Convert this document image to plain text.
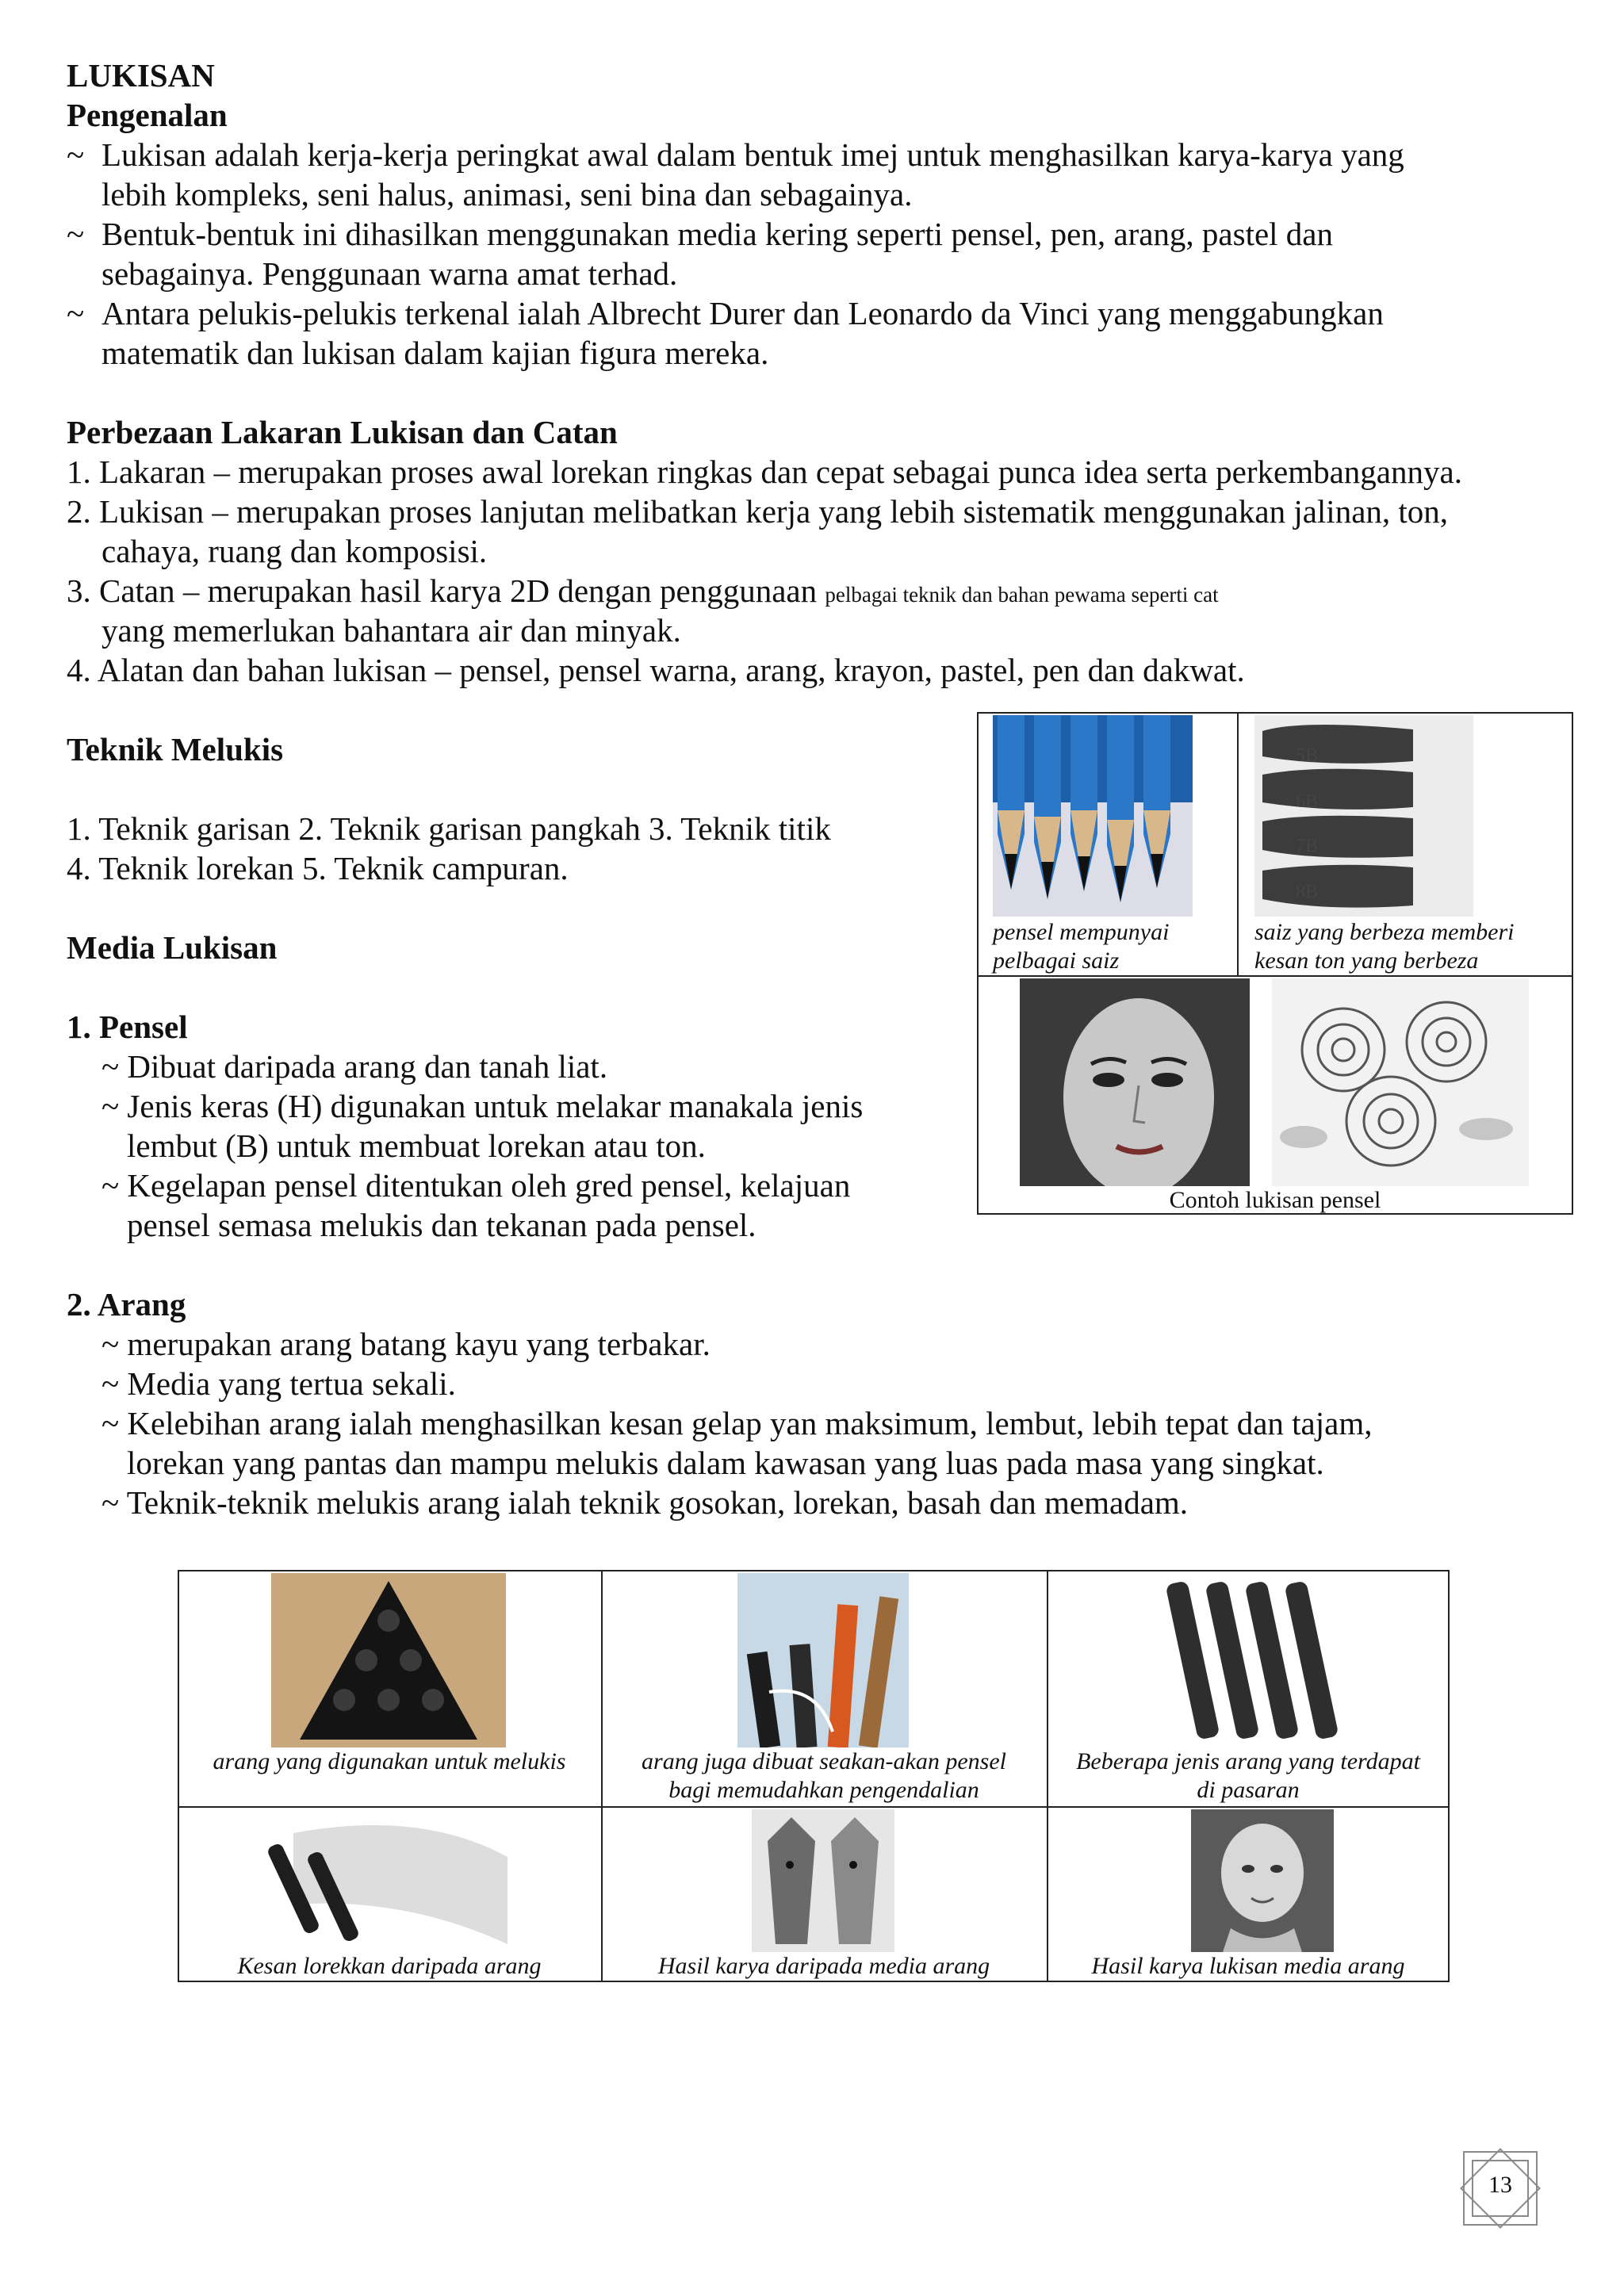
LUKISAN
Pengenalan
~ Lukisan adalah kerja-kerja peringkat awal dalam bentuk imej untuk menghasilkan karya-karya yang
lebih kompleks, seni halus, animasi, seni bina dan sebagainya.
~ Bentuk-bentuk ini dihasilkan menggunakan media kering seperti pensel, pen, arang, pastel dan
sebagainya. Penggunaan warna amat terhad.
~ Antara pelukis-pelukis terkenal ialah Albrecht Durer dan Leonardo da Vinci yang menggabungkan
matematik dan lukisan dalam kajian figura mereka.
Perbezaan Lakaran Lukisan dan Catan
1. Lakaran – merupakan proses awal lorekan ringkas dan cepat sebagai punca idea serta perkembangannya.
2. Lukisan – merupakan proses lanjutan melibatkan kerja yang lebih sistematik menggunakan jalinan, ton,
cahaya, ruang dan komposisi.
3. Catan – merupakan hasil karya 2D dengan penggunaan pelbagai teknik dan bahan pewama seperti cat
yang memerlukan bahantara air dan minyak.
4. Alatan dan bahan lukisan – pensel, pensel warna, arang, krayon, pastel, pen dan dakwat.
Teknik Melukis
1. Teknik garisan 2. Teknik garisan pangkah 3. Teknik titik
4. Teknik lorekan 5. Teknik campuran.
Media Lukisan
1. Pensel
~ Dibuat daripada arang dan tanah liat.
~ Jenis keras (H) digunakan untuk melakar manakala jenis
lembut (B) untuk membuat lorekan atau ton.
~ Kegelapan pensel ditentukan oleh gred pensel, kelajuan
pensel semasa melukis dan tekanan pada pensel.
2. Arang
~ merupakan arang batang kayu yang terbakar.
~ Media yang tertua sekali.
~ Kelebihan arang ialah menghasilkan kesan gelap yan maksimum, lembut, lebih tepat dan tajam,
lorekan yang pantas dan mampu melukis dalam kawasan yang luas pada masa yang singkat.
~ Teknik-teknik melukis arang ialah teknik gosokan, lorekan, basah dan memadam.
5B
6B
7B
8B
pensel mempunyai
pelbagai saiz
saiz yang berbeza memberi
kesan ton yang berbeza
Contoh lukisan pensel
arang yang digunakan untuk melukis	arang juga dibuat seakan-akan pensel
bagi memudahkan pengendalian
Beberapa jenis arang yang terdapat
di pasaran
Kesan lorekkan daripada arang	Hasil karya daripada media arang	Hasil karya lukisan media arang
13
